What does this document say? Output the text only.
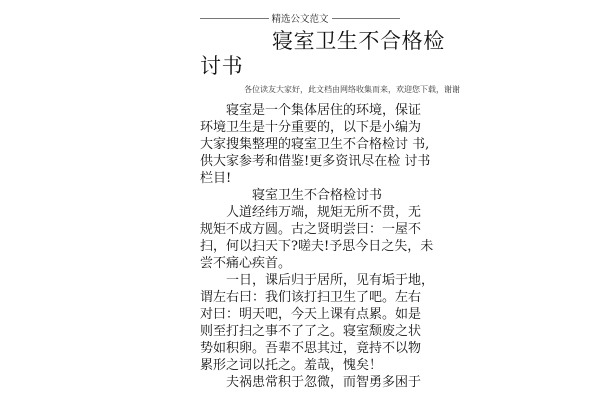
精选公文范文
寝室卫生不合格检
讨书
各位读友大家好，此文档由网络收集而来，欢迎您下载，谢谢
　　寝室是一个集体居住的环境，保证
环境卫生是十分重要的，以下是小编为
大家搜集整理的寝室卫生不合格检讨 书,
供大家参考和借鉴!更多资讯尽在检 讨书
栏目!
　　　　寝室卫生不合格检讨书
　　人道经纬万端，规矩无所不贯，无
规矩不成方圆。古之贤明尝曰：一屋不
扫，何以扫天下?嗟夫!予思今日之失，未
尝不痛心疾首。
　　一日，课后归于居所，见有垢于地，
谓左右曰：我们该打扫卫生了吧。左右
对曰：明天吧，今天上课有点累。如是
则至打扫之事不了了之。寝室颓废之状
势如积卵。吾辈不思其过，竟持不以物
累形之词以托之。羞哉，愧矣！
　　夫祸患常积于忽微，而智勇多困于
